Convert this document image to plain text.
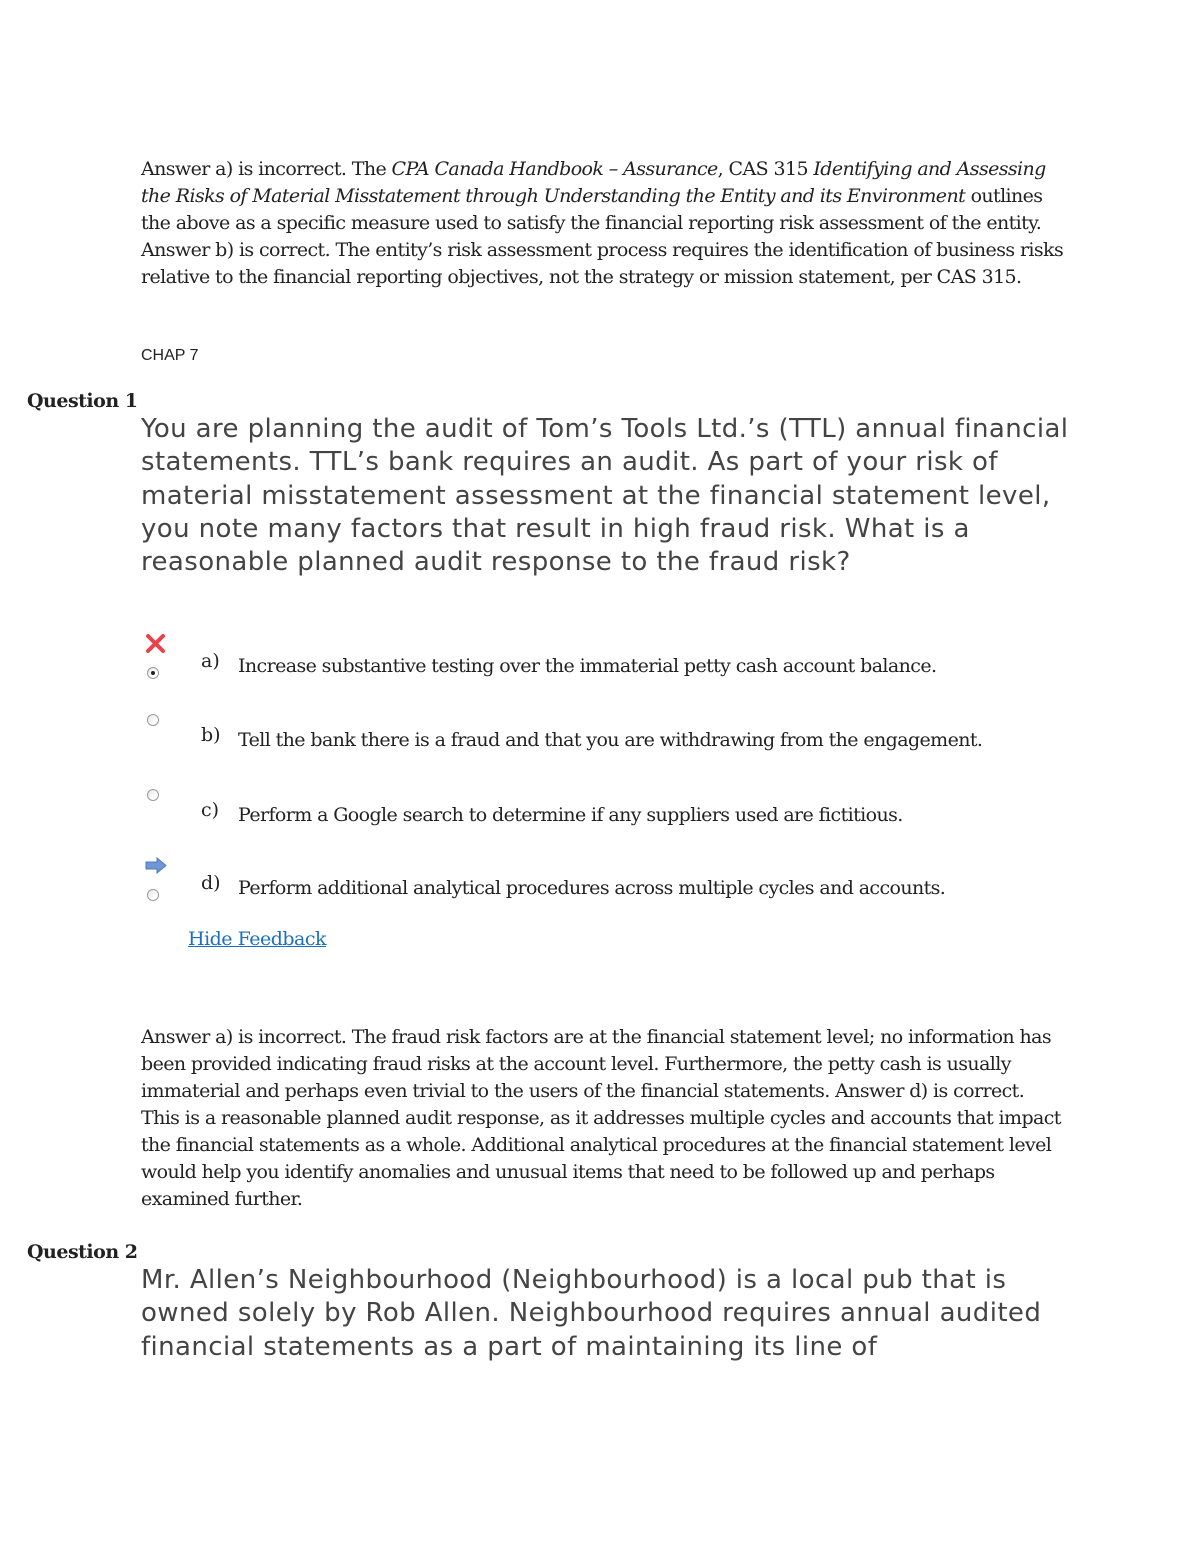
Answer a) is incorrect. The CPA Canada Handbook – Assurance, CAS 315 Identifying and Assessing the Risks of Material Misstatement through Understanding the Entity and its Environment outlines the above as a specific measure used to satisfy the financial reporting risk assessment of the entity. Answer b) is correct. The entity’s risk assessment process requires the identification of business risks relative to the financial reporting objectives, not the strategy or mission statement, per CAS 315.

CHAP 7
Question 1

You are planning the audit of Tom’s Tools Ltd.’s (TTL) annual financial statements. TTL’s bank requires an audit. As part of your risk of material misstatement assessment at the financial statement level, you note many factors that result in high fraud risk. What is a reasonable planned audit response to the fraud risk?

a) Increase substantive testing over the immaterial petty cash account balance.
b) Tell the bank there is a fraud and that you are withdrawing from the engagement.
c) Perform a Google search to determine if any suppliers used are fictitious.
d) Perform additional analytical procedures across multiple cycles and accounts.
Hide Feedback

Answer a) is incorrect. The fraud risk factors are at the financial statement level; no information has been provided indicating fraud risks at the account level. Furthermore, the petty cash is usually immaterial and perhaps even trivial to the users of the financial statements. Answer d) is correct. This is a reasonable planned audit response, as it addresses multiple cycles and accounts that impact the financial statements as a whole. Additional analytical procedures at the financial statement level would help you identify anomalies and unusual items that need to be followed up and perhaps examined further.

Question 2

Mr. Allen’s Neighbourhood (Neighbourhood) is a local pub that is owned solely by Rob Allen. Neighbourhood requires annual audited financial statements as a part of maintaining its line of
